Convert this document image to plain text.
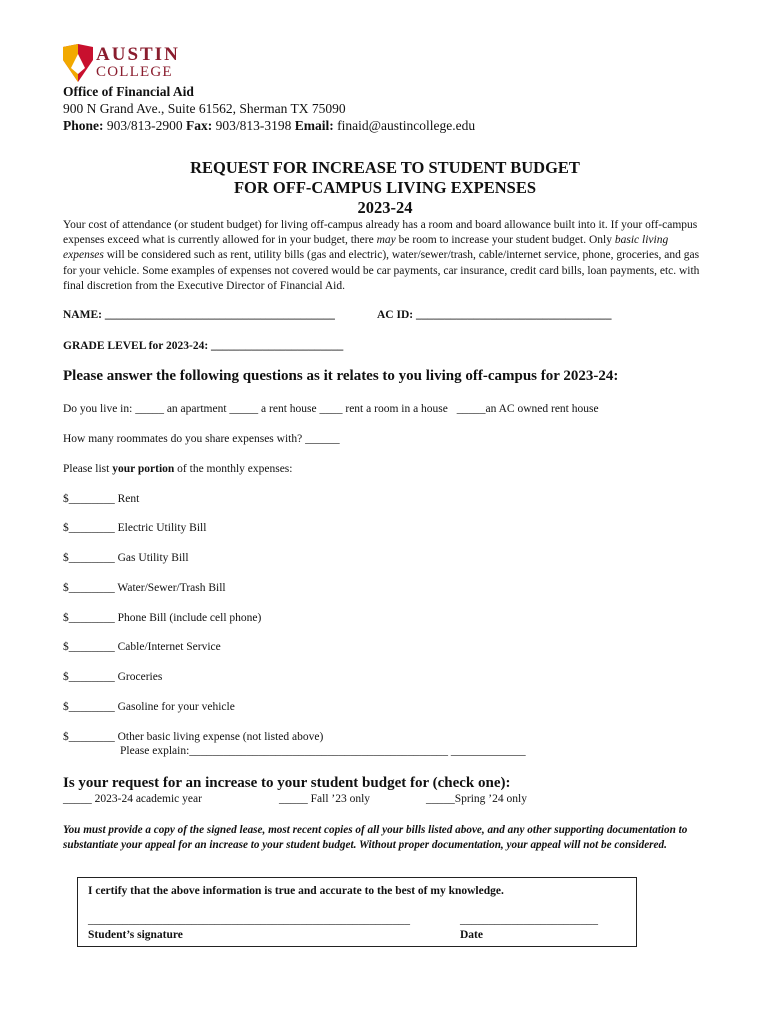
AUSTIN
COLLEGE
Office of Financial Aid
900 N Grand Ave., Suite 61562, Sherman TX 75090
Phone: 903/813-2900 Fax: 903/813-3198 Email: finaid@austincollege.edu
REQUEST FOR INCREASE TO STUDENT BUDGET
FOR OFF-CAMPUS LIVING EXPENSES
2023-24
Your cost of attendance (or student budget) for living off-campus already has a room and board allowance built into it. If your off-campus expenses exceed what is currently allowed for in your budget, there may be room to increase your student budget. Only basic living expenses will be considered such as rent, utility bills (gas and electric), water/sewer/trash, cable/internet service, phone, groceries, and gas for your vehicle. Some examples of expenses not covered would be car payments, car insurance, credit card bills, loan payments, etc. with final discretion from the Executive Director of Financial Aid.
NAME: ________________________________________	AC ID: __________________________________
GRADE LEVEL for 2023-24: _______________________
Please answer the following questions as it relates to you living off-campus for 2023-24:
Do you live in: _____ an apartment _____ a rent house ____ rent a room in a house _____an AC owned rent house
How many roommates do you share expenses with? ______
Please list your portion of the monthly expenses:
$________ Rent
$________ Electric Utility Bill
$________ Gas Utility Bill
$________ Water/Sewer/Trash Bill
$________ Phone Bill (include cell phone)
$________ Cable/Internet Service
$________ Groceries
$________ Gasoline for your vehicle
$________ Other basic living expense (not listed above)
Please explain:_____________________________________________ _____________
Is your request for an increase to your student budget for (check one):
_____ 2023-24 academic year	_____ Fall ’23 only	_____Spring ’24 only
You must provide a copy of the signed lease, most recent copies of all your bills listed above, and any other supporting documentation to substantiate your appeal for an increase to your student budget. Without proper documentation, your appeal will not be considered.
I certify that the above information is true and accurate to the best of my knowledge.
________________________________________________________
Student’s signature
________________________
Date
